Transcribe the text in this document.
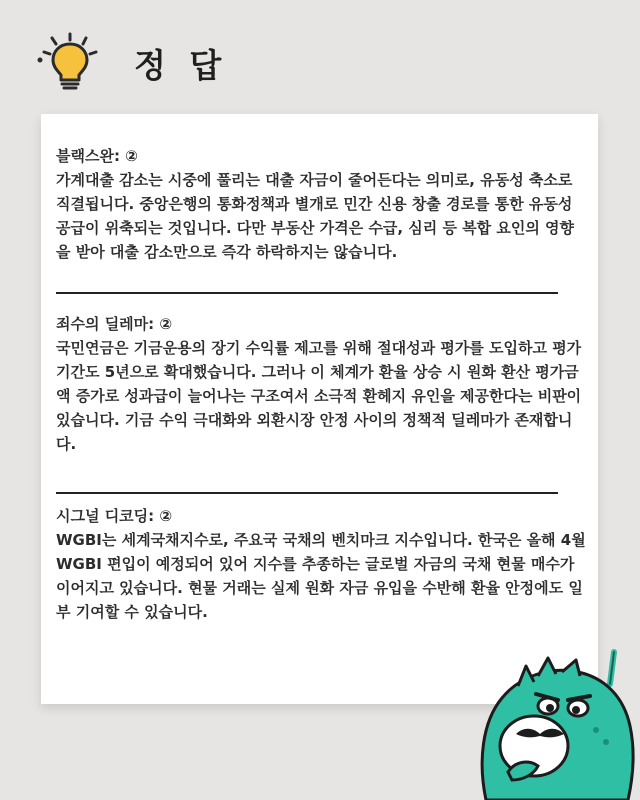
정 답
블랙스완: ②
가계대출 감소는 시중에 풀리는 대출 자금이 줄어든다는 의미로, 유동성 축소로
직결됩니다. 중앙은행의 통화정책과 별개로 민간 신용 창출 경로를 통한 유동성
공급이 위축되는 것입니다. 다만 부동산 가격은 수급, 심리 등 복합 요인의 영향
을 받아 대출 감소만으로 즉각 하락하지는 않습니다.
죄수의 딜레마: ②
국민연금은 기금운용의 장기 수익률 제고를 위해 절대성과 평가를 도입하고 평가
기간도 5년으로 확대했습니다. 그러나 이 체계가 환율 상승 시 원화 환산 평가금
액 증가로 성과급이 늘어나는 구조여서 소극적 환헤지 유인을 제공한다는 비판이
있습니다. 기금 수익 극대화와 외환시장 안정 사이의 정책적 딜레마가 존재합니
다.
시그널 디코딩: ②
WGBI는 세계국채지수로, 주요국 국채의 벤치마크 지수입니다. 한국은 올해 4월
WGBI 편입이 예정되어 있어 지수를 추종하는 글로벌 자금의 국채 현물 매수가
이어지고 있습니다. 현물 거래는 실제 원화 자금 유입을 수반해 환율 안정에도 일
부 기여할 수 있습니다.
